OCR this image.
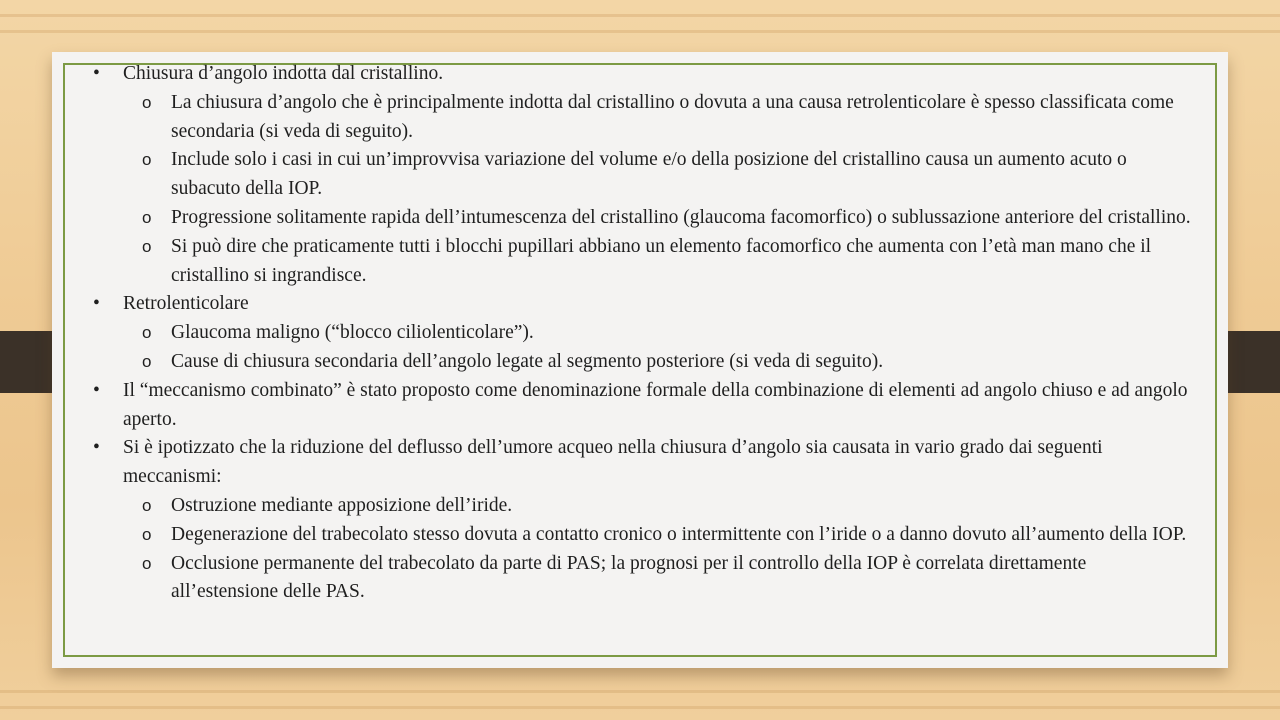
• Chiusura d’angolo indotta dal cristallino.
o La chiusura d’angolo che è principalmente indotta dal cristallino o dovuta a una causa retrolenticolare è spesso classificata come secondaria (si veda di seguito).
o Include solo i casi in cui un’improvvisa variazione del volume e/o della posizione del cristallino causa un aumento acuto o subacuto della IOP.
o Progressione solitamente rapida dell’intumescenza del cristallino (glaucoma facomorfico) o sublussazione anteriore del cristallino.
o Si può dire che praticamente tutti i blocchi pupillari abbiano un elemento facomorfico che aumenta con l’età man mano che il cristallino si ingrandisce.
• Retrolenticolare
o Glaucoma maligno (“blocco ciliolenticolare”).
o Cause di chiusura secondaria dell’angolo legate al segmento posteriore (si veda di seguito).
• Il “meccanismo combinato” è stato proposto come denominazione formale della combinazione di elementi ad angolo chiuso e ad angolo aperto.
• Si è ipotizzato che la riduzione del deflusso dell’umore acqueo nella chiusura d’angolo sia causata in vario grado dai seguenti meccanismi:
o Ostruzione mediante apposizione dell’iride.
o Degenerazione del trabecolato stesso dovuta a contatto cronico o intermittente con l’iride o a danno dovuto all’aumento della IOP.
o Occlusione permanente del trabecolato da parte di PAS; la prognosi per il controllo della IOP è correlata direttamente all’estensione delle PAS.
